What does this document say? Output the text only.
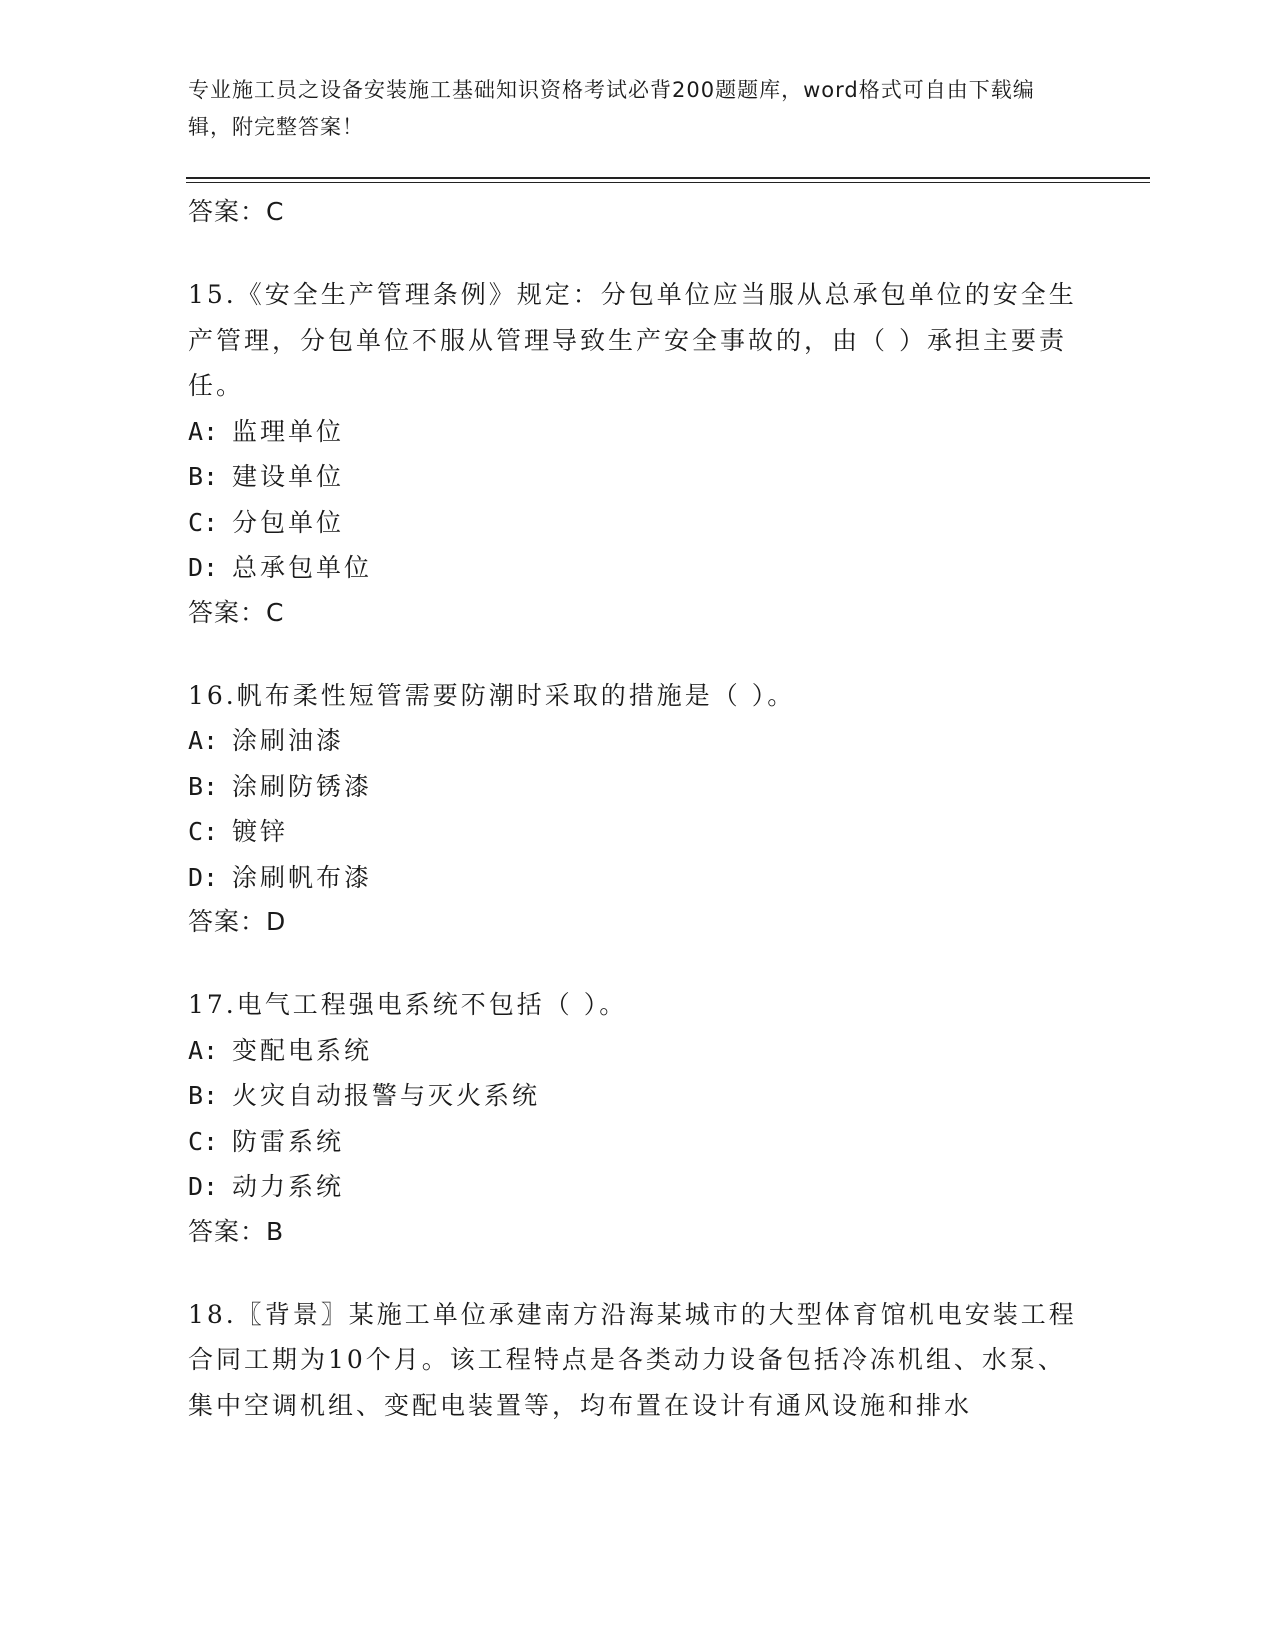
专业施工员之设备安装施工基础知识资格考试必背200题题库，word格式可自由下载编辑，附完整答案！
答案：C
15.《安全生产管理条例》规定：分包单位应当服从总承包单位的安全生产管理，分包单位不服从管理导致生产安全事故的，由（ ）承担主要责任。
A: 监理单位
B: 建设单位
C: 分包单位
D: 总承包单位
答案：C
16.帆布柔性短管需要防潮时采取的措施是（ ）。
A: 涂刷油漆
B: 涂刷防锈漆
C: 镀锌
D: 涂刷帆布漆
答案：D
17.电气工程强电系统不包括（ ）。
A: 变配电系统
B: 火灾自动报警与灭火系统
C: 防雷系统
D: 动力系统
答案：B
18.〖背景〗某施工单位承建南方沿海某城市的大型体育馆机电安装工程合同工期为10个月。该工程特点是各类动力设备包括冷冻机组、水泵、集中空调机组、变配电装置等，均布置在设计有通风设施和排水
